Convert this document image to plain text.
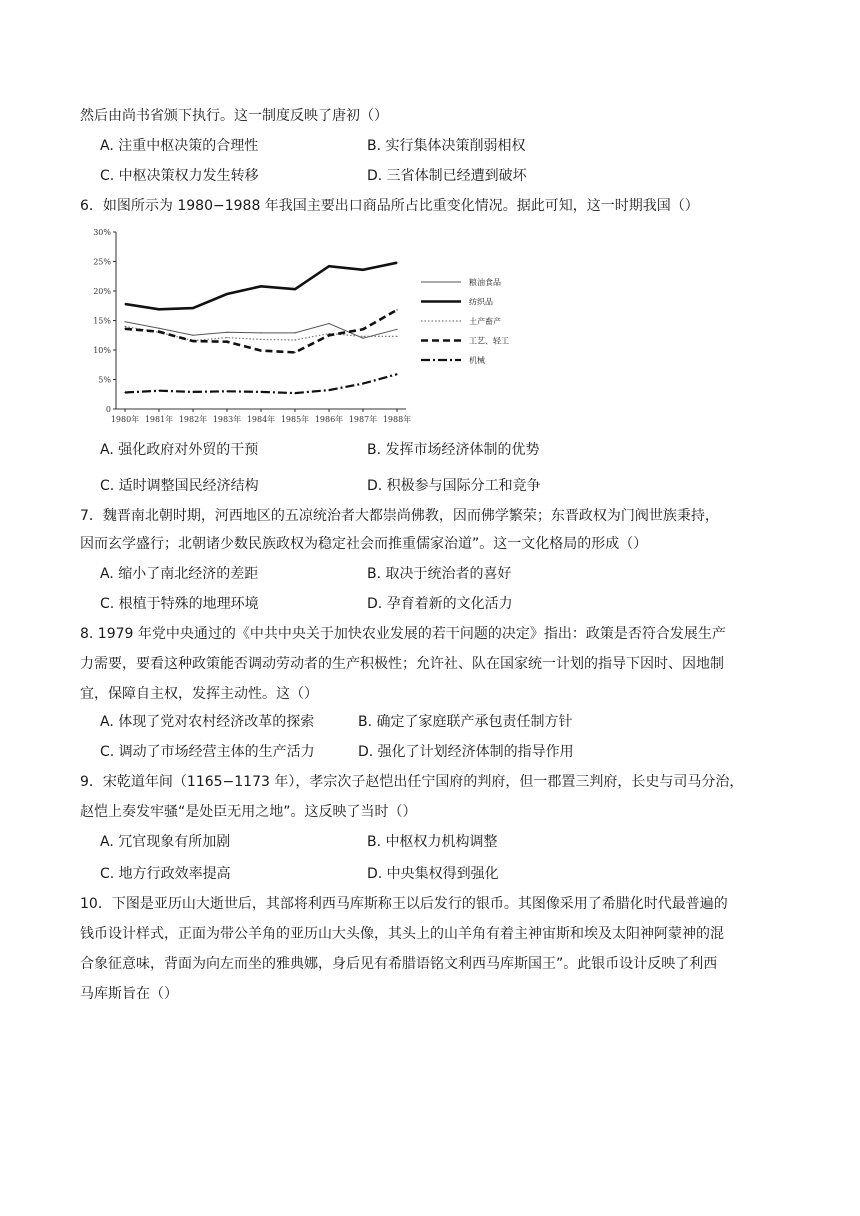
然后由尚书省颁下执行。这一制度反映了唐初（）
A. 注重中枢决策的合理性	B. 实行集体决策削弱相权
C. 中枢决策权力发生转移	D. 三省体制已经遭到破坏
6．如图所示为 1980−1988 年我国主要出口商品所占比重变化情况。据此可知，这一时期我国（）
30%
25%
20%
15%
10%
5%
0
1980年 1981年 1982年 1983年 1984年 1985年 1986年 1987年 1988年
粮油食品
纺织品
土产畜产
工艺、轻工
机械
A. 强化政府对外贸的干预	B. 发挥市场经济体制的优势
C. 适时调整国民经济结构	D. 积极参与国际分工和竞争
7．魏晋南北朝时期，河西地区的五凉统治者大都崇尚佛教，因而佛学繁荣；东晋政权为门阀世族秉持，
因而玄学盛行；北朝诸少数民族政权为稳定社会而推重儒家治道”。这一文化格局的形成（）
A. 缩小了南北经济的差距	B. 取决于统治者的喜好
C. 根植于特殊的地理环境	D. 孕育着新的文化活力
8. 1979 年党中央通过的《中共中央关于加快农业发展的若干问题的决定》指出：政策是否符合发展生产
力需要，要看这种政策能否调动劳动者的生产积极性；允许社、队在国家统一计划的指导下因时、因地制
宜，保障自主权，发挥主动性。这（）
A. 体现了党对农村经济改革的探索	B. 确定了家庭联产承包责任制方针
C. 调动了市场经营主体的生产活力	D. 强化了计划经济体制的指导作用
9．宋乾道年间（1165−1173 年），孝宗次子赵恺出任宁国府的判府，但一郡置三判府，长史与司马分治，
赵恺上奏发牢骚“是处臣无用之地”。这反映了当时（）
A. 冗官现象有所加剧	B. 中枢权力机构调整
C. 地方行政效率提高	D. 中央集权得到强化
10．下图是亚历山大逝世后，其部将利西马库斯称王以后发行的银币。其图像采用了希腊化时代最普遍的
钱币设计样式，正面为带公羊角的亚历山大头像，其头上的山羊角有着主神宙斯和埃及太阳神阿蒙神的混
合象征意味，背面为向左而坐的雅典娜，身后见有希腊语铭文利西马库斯国王”。此银币设计反映了利西
马库斯旨在（）
